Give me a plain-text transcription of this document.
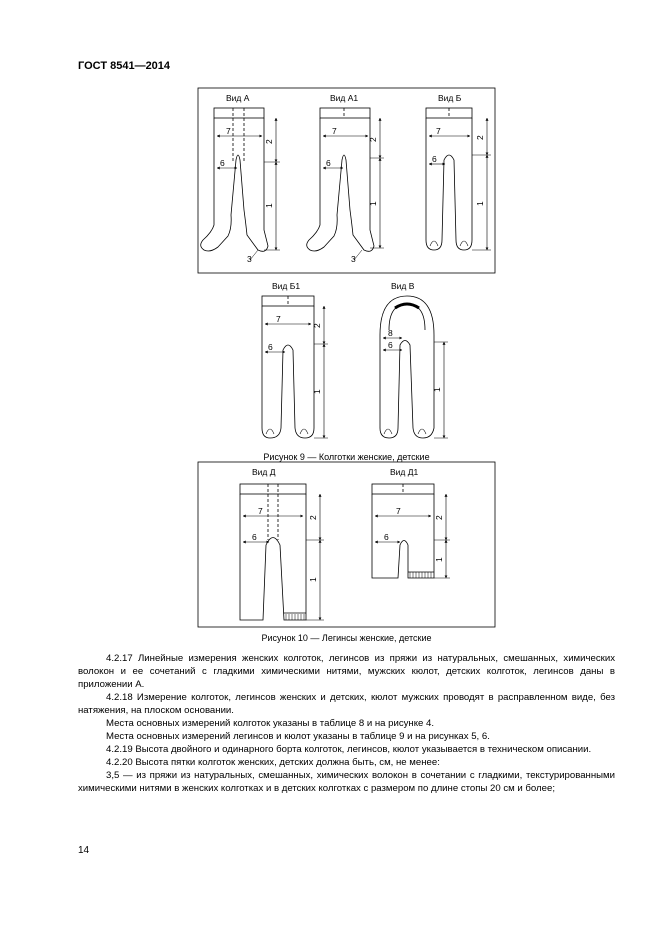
ГОСТ 8541—2014
Вид А	Вид А1	Вид Б
Вид Б1	Вид В
Вид Д	Вид Д1
7
6
2
1
3
7
6
2
1
3
7
6
2
1
7
6
2
1
8
6
1
7
6
2
1
7
6
2
1
Рисунок 9 — Колготки женские, детские
Рисунок 10 — Легинсы женские, детские

4.2.17 Линейные измерения женских колготок, легинсов из пряжи из натуральных, смешанных, химических волокон и ее сочетаний с гладкими химическими нитями, мужских кюлот, детских колготок, легинсов даны в приложении А.

4.2.18 Измерение колготок, легинсов женских и детских, кюлот мужских проводят в расправленном виде, без натяжения, на плоском основании.

Места основных измерений колготок указаны в таблице 8 и на рисунке 4.

Места основных измерений легинсов и кюлот указаны в таблице 9 и на рисунках 5, 6.

4.2.19 Высота двойного и одинарного борта колготок, легинсов, кюлот указывается в техническом описании.

4.2.20 Высота пятки колготок женских, детских должна быть, см, не менее:

3,5 — из пряжи из натуральных, смешанных, химических волокон в сочетании с гладкими, текстурированными химическими нитями в женских колготках и в детских колготках с размером по длине стопы 20 см и более;

14
